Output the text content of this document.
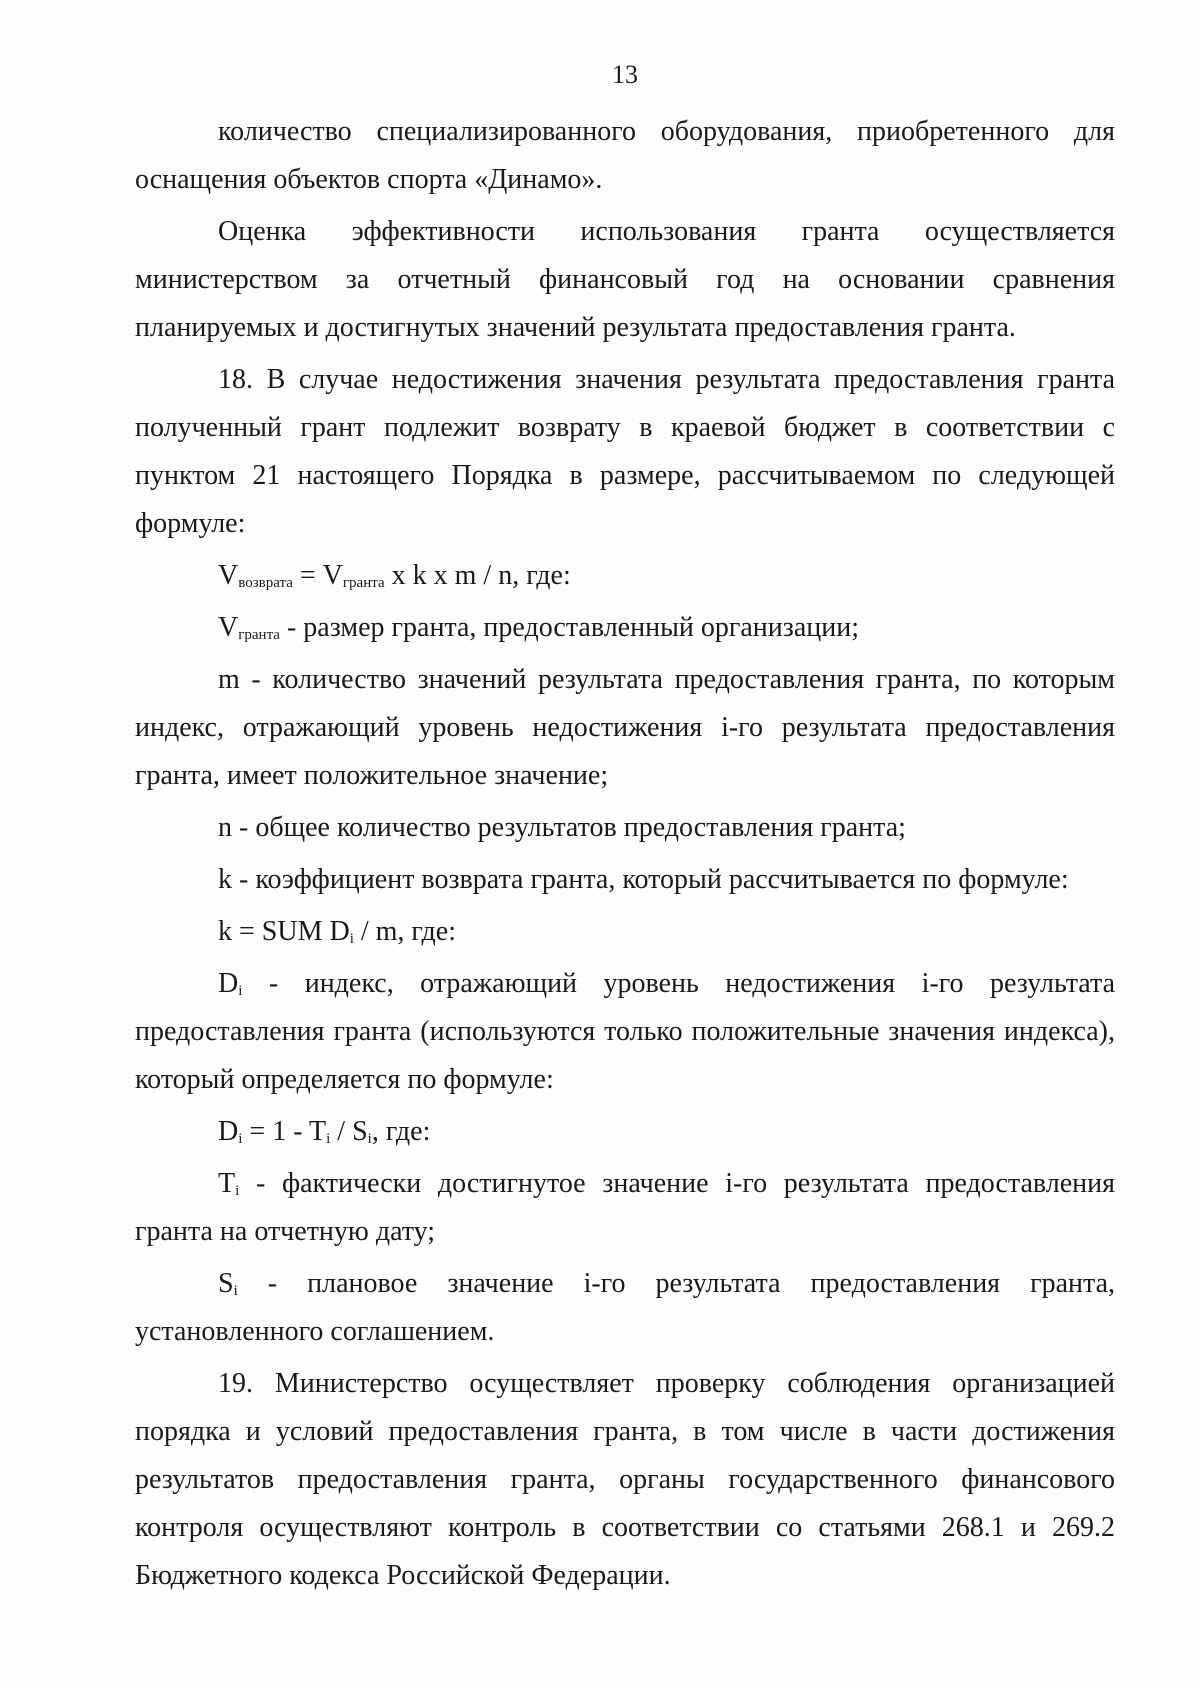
13

количество специализированного оборудования, приобретенного для оснащения объектов спорта «Динамо».

Оценка эффективности использования гранта осуществляется министерством за отчетный финансовый год на основании сравнения планируемых и достигнутых значений результата предоставления гранта.

18. В случае недостижения значения результата предоставления гранта полученный грант подлежит возврату в краевой бюджет в соответствии с пунктом 21 настоящего Порядка в размере, рассчитываемом по следующей формуле:

$V_{возврата} = V_{гранта}$ x k x m / n, где:

$V_{гранта}$ - размер гранта, предоставленный организации;

m - количество значений результата предоставления гранта, по которым индекс, отражающий уровень недостижения i-го результата предоставления гранта, имеет положительное значение;

n - общее количество результатов предоставления гранта;

k - коэффициент возврата гранта, который рассчитывается по формуле:

k = SUM $D_i$ / m, где:

$D_i$ - индекс, отражающий уровень недостижения i-го результата предоставления гранта (используются только положительные значения индекса), который определяется по формуле:

$D_i = 1 - T_i / S_i$, где:

$T_i$ - фактически достигнутое значение i-го результата предоставления гранта на отчетную дату;

$S_i$ - плановое значение i-го результата предоставления гранта, установленного соглашением.

19. Министерство осуществляет проверку соблюдения организацией порядка и условий предоставления гранта, в том числе в части достижения результатов предоставления гранта, органы государственного финансового контроля осуществляют контроль в соответствии со статьями 268.1 и 269.2 Бюджетного кодекса Российской Федерации.
